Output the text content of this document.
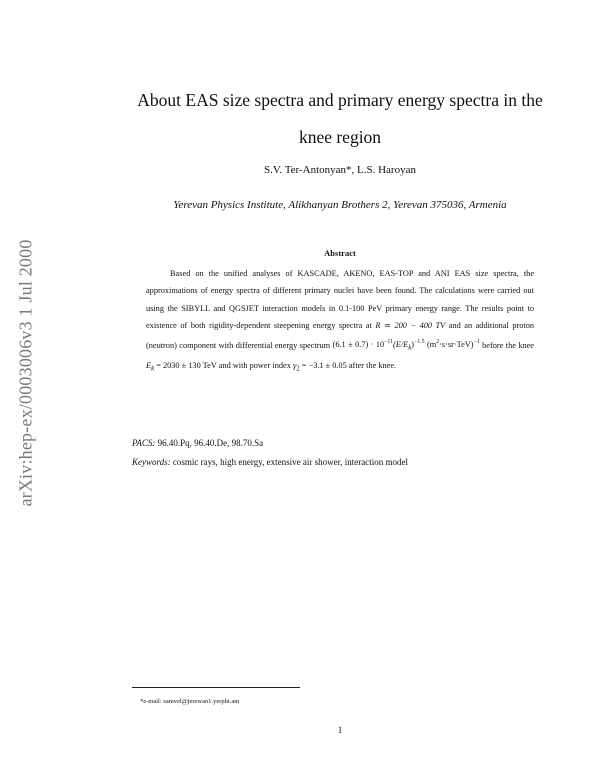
arXiv:hep-ex/0003006v3 1 Jul 2000
About EAS size spectra and primary energy spectra in the
knee region
S.V. Ter-Antonyan*, L.S. Haroyan
Yerevan Physics Institute, Alikhanyan Brothers 2, Yerevan 375036, Armenia
Abstract
Based on the unified analyses of KASCADE, AKENO, EAS-TOP and ANI EAS size spectra, the approximations of energy spectra of different primary nuclei have been found. The calculations were carried out using the SIBYLL and QGSJET interaction models in 0.1-100 PeV primary energy range. The results point to existence of both rigidity-dependent steepening energy spectra at R ≃ 200 − 400 TV and an additional proton (neutron) component with differential energy spectrum $(6.1 \pm 0.7) \cdot 10^{-11}(E/E_k)^{-1.5}$ $(m^2\cdot s\cdot sr\cdot TeV)^{-1}$ before the knee $E_k = 2030 \pm 130$ TeV and with power index $\gamma_2 = -3.1 \pm 0.05$ after the knee.
PACS: 96.40.Pq, 96.40.De, 98.70.Sa
Keywords: cosmic rays, high energy, extensive air shower, interaction model
*e-mail: samvel@jerewan1.yerphi.am
1
